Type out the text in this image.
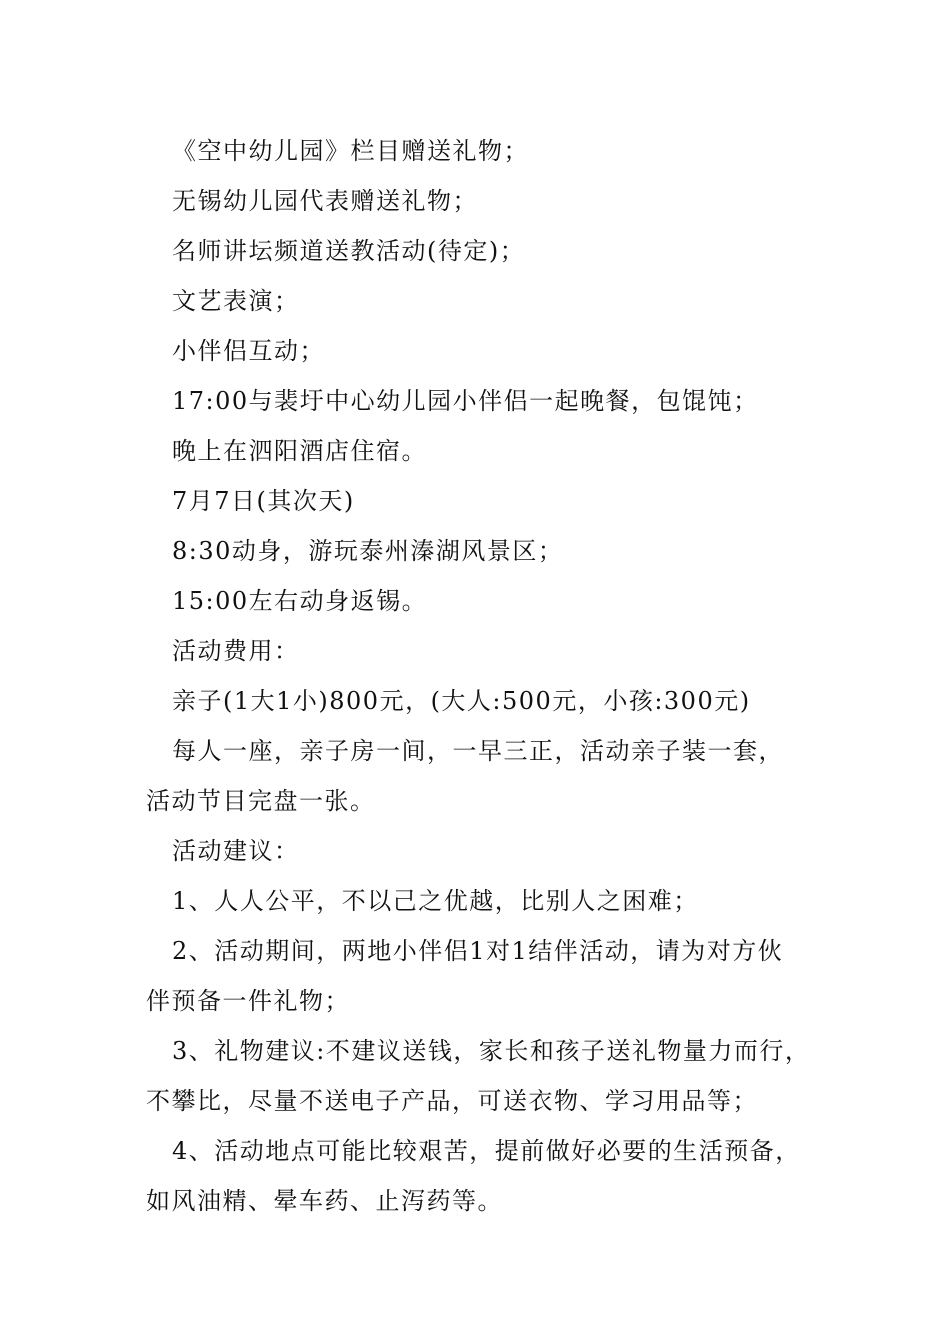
《空中幼儿园》栏目赠送礼物；
无锡幼儿园代表赠送礼物；
名师讲坛频道送教活动(待定)；
文艺表演；
小伴侣互动；
17:00与裴圩中心幼儿园小伴侣一起晚餐，包馄饨；
晚上在泗阳酒店住宿。
7月7日(其次天)
8:30动身，游玩泰州溱湖风景区；
15:00左右动身返锡。
活动费用：
亲子(1大1小)800元，(大人:500元，小孩:300元)
每人一座，亲子房一间，一早三正，活动亲子装一套，
活动节目完盘一张。
活动建议：
1、人人公平，不以己之优越，比别人之困难；
2、活动期间，两地小伴侣1对1结伴活动，请为对方伙
伴预备一件礼物；
3、礼物建议:不建议送钱，家长和孩子送礼物量力而行，
不攀比，尽量不送电子产品，可送衣物、学习用品等；
4、活动地点可能比较艰苦，提前做好必要的生活预备，
如风油精、晕车药、止泻药等。
